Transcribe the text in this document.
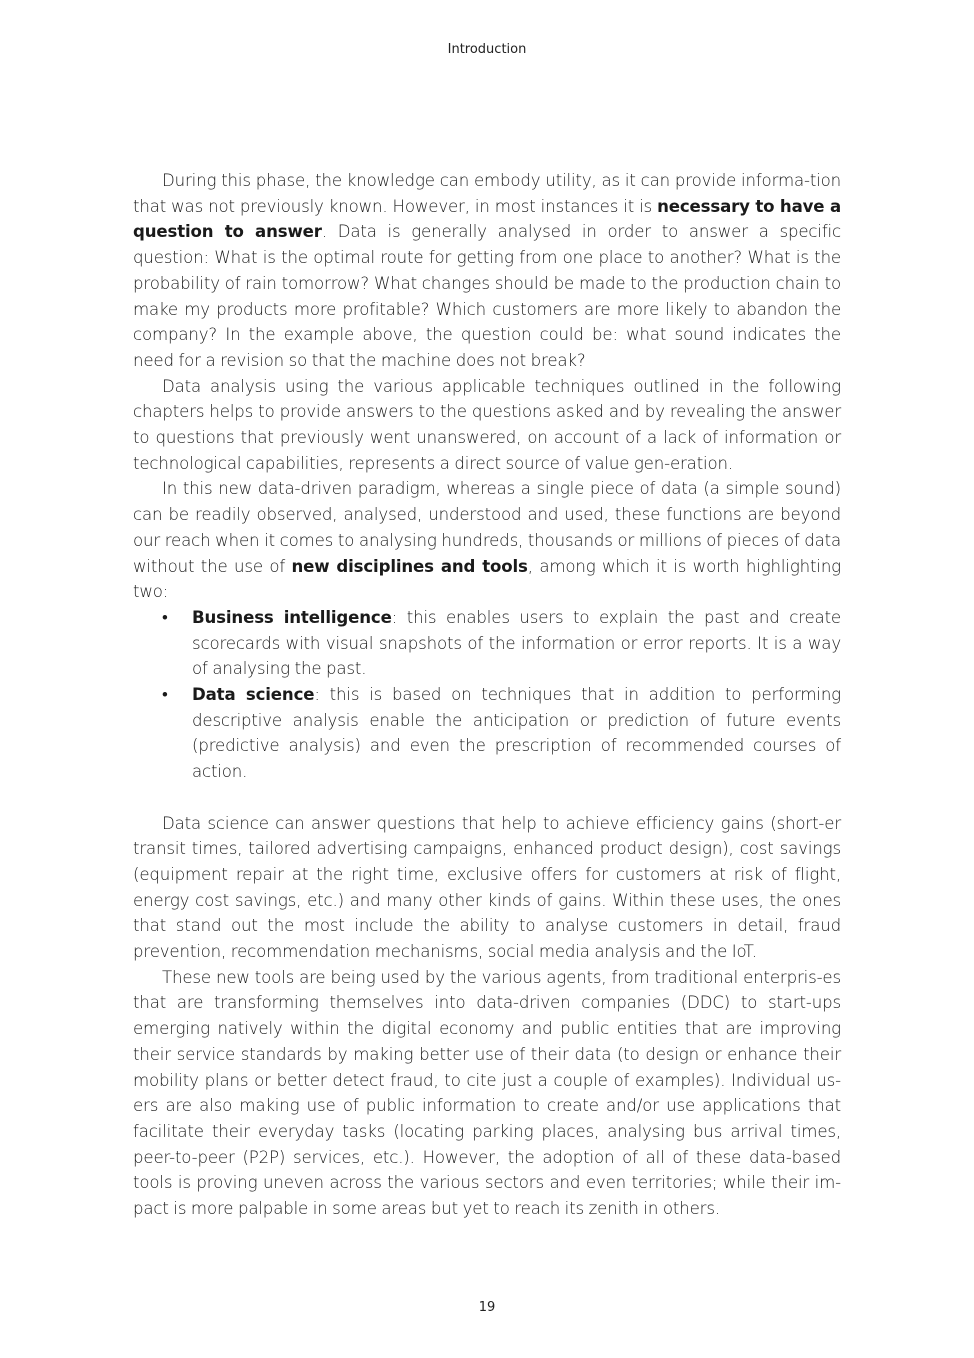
Introduction

During this phase, the knowledge can embody utility, as it can provide informa-tion that was not previously known. However, in most instances it is necessary to have a question to answer. Data is generally analysed in order to answer a specific question: What is the optimal route for getting from one place to another? What is the probability of rain tomorrow? What changes should be made to the production chain to make my products more profitable? Which customers are more likely to abandon the company? In the example above, the question could be: what sound indicates the need for a revision so that the machine does not break?

Data analysis using the various applicable techniques outlined in the following chapters helps to provide answers to the questions asked and by revealing the answer to questions that previously went unanswered, on account of a lack of information or technological capabilities, represents a direct source of value gen-eration.

In this new data-driven paradigm, whereas a single piece of data (a simple sound) can be readily observed, analysed, understood and used, these functions are beyond our reach when it comes to analysing hundreds, thousands or millions of pieces of data without the use of new disciplines and tools, among which it is worth highlighting two:

• Business intelligence: this enables users to explain the past and create scorecards with visual snapshots of the information or error reports. It is a way of analysing the past.
• Data science: this is based on techniques that in addition to performing descriptive analysis enable the anticipation or prediction of future events (predictive analysis) and even the prescription of recommended courses of action.

Data science can answer questions that help to achieve efficiency gains (short-er transit times, tailored advertising campaigns, enhanced product design), cost savings (equipment repair at the right time, exclusive offers for customers at risk of flight, energy cost savings, etc.) and many other kinds of gains. Within these uses, the ones that stand out the most include the ability to analyse customers in detail, fraud prevention, recommendation mechanisms, social media analysis and the IoT.

These new tools are being used by the various agents, from traditional enterpris-es that are transforming themselves into data-driven companies (DDC) to start-ups emerging natively within the digital economy and public entities that are improving their service standards by making better use of their data (to design or enhance their mobility plans or better detect fraud, to cite just a couple of examples). Individual us-ers are also making use of public information to create and/or use applications that facilitate their everyday tasks (locating parking places, analysing bus arrival times, peer-to-peer (P2P) services, etc.). However, the adoption of all of these data-based tools is proving uneven across the various sectors and even territories; while their im-pact is more palpable in some areas but yet to reach its zenith in others.

19
